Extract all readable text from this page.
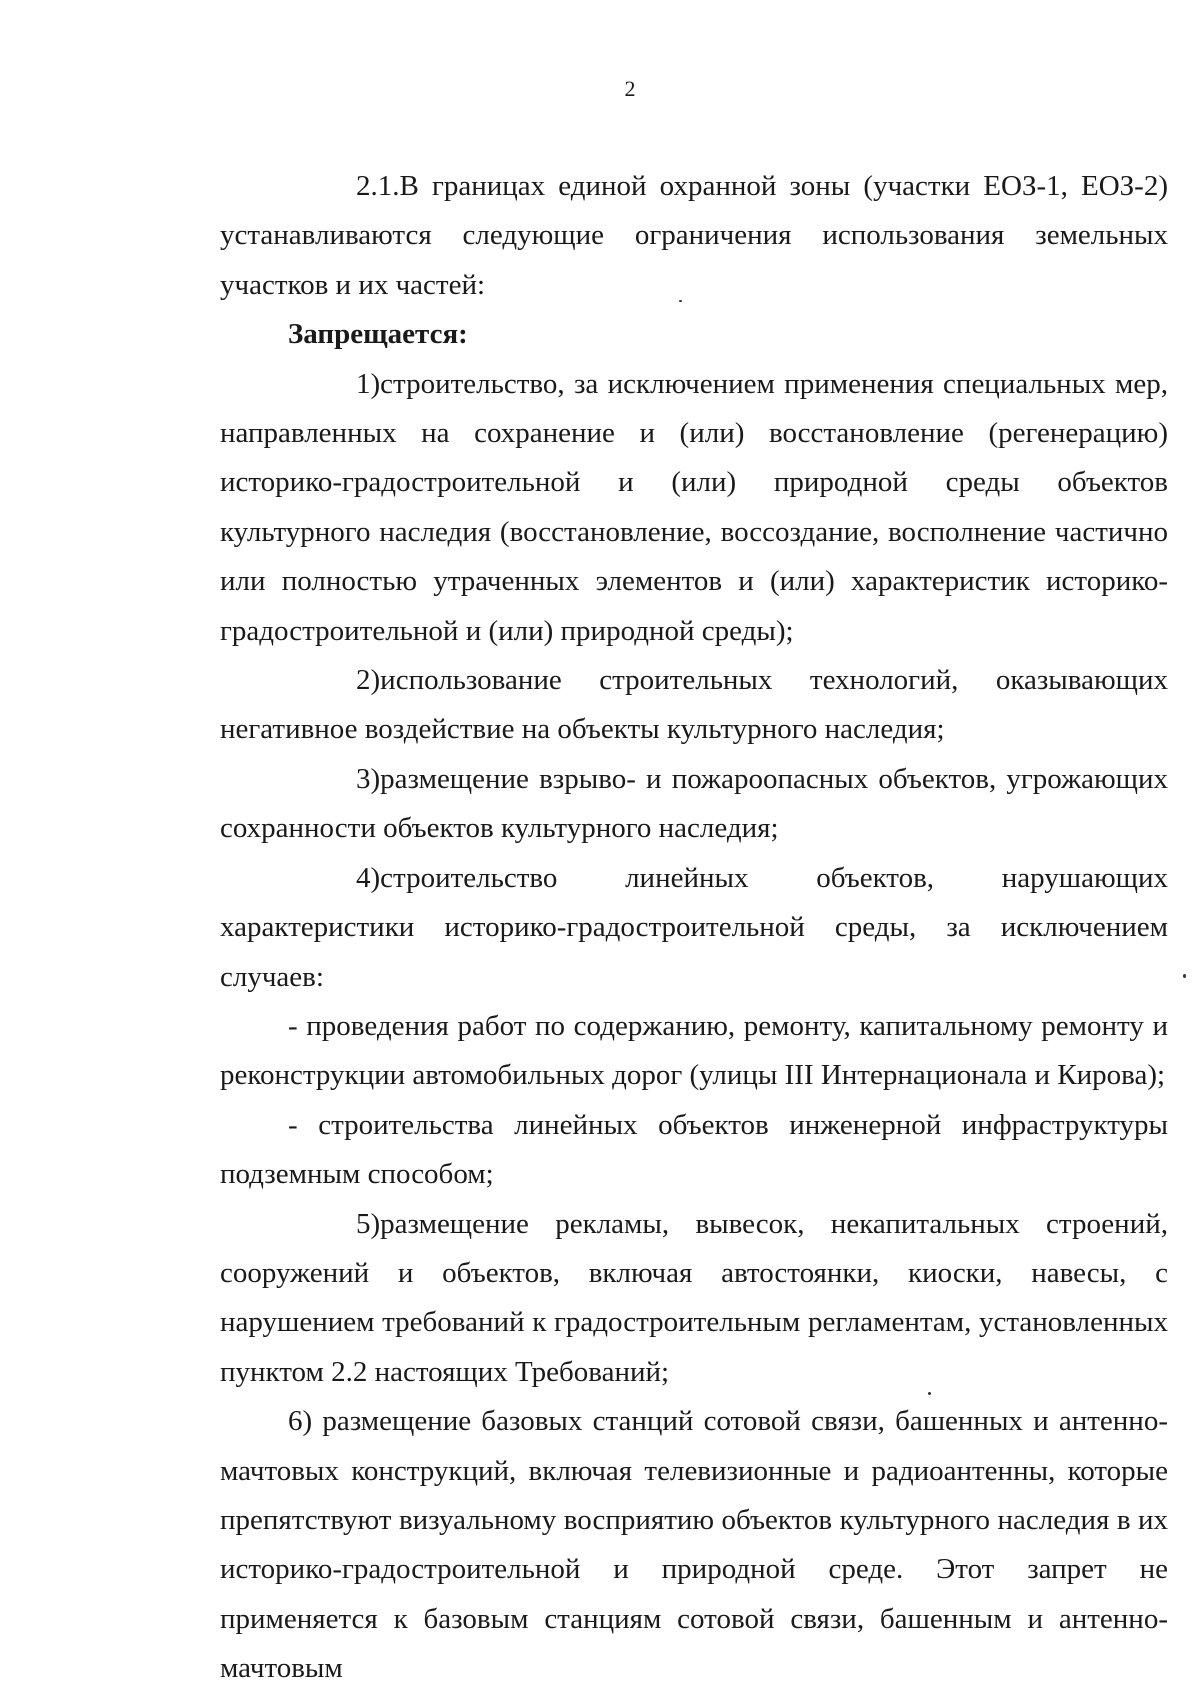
2

2.1.В границах единой охранной зоны (участки ЕОЗ-1, ЕОЗ-2) устанавливаются следующие ограничения использования земельных участков и их частей:

Запрещается:

1)строительство, за исключением применения специальных мер, направленных на сохранение и (или) восстановление (регенерацию) историко-градостроительной и (или) природной среды объектов культурного наследия (восстановление, воссоздание, восполнение частично или полностью утраченных элементов и (или) характеристик историко-градостроительной и (или) природной среды);

2)использование строительных технологий, оказывающих негативное воздействие на объекты культурного наследия;

3)размещение взрыво- и пожароопасных объектов, угрожающих сохранности объектов культурного наследия;

4)строительство линейных объектов, нарушающих характеристики историко-градостроительной среды, за исключением случаев:

- проведения работ по содержанию, ремонту, капитальному ремонту и реконструкции автомобильных дорог (улицы III Интернационала и Кирова);

- строительства линейных объектов инженерной инфраструктуры подземным способом;

5)размещение рекламы, вывесок, некапитальных строений, сооружений и объектов, включая автостоянки, киоски, навесы, с нарушением требований к градостроительным регламентам, установленных пунктом 2.2 настоящих Требований;

6) размещение базовых станций сотовой связи, башенных и антенно-мачтовых конструкций, включая телевизионные и радиоантенны, которые препятствуют визуальному восприятию объектов культурного наследия в их историко-градостроительной и природной среде. Этот запрет не применяется к базовым станциям сотовой связи, башенным и антенно-мачтовым
